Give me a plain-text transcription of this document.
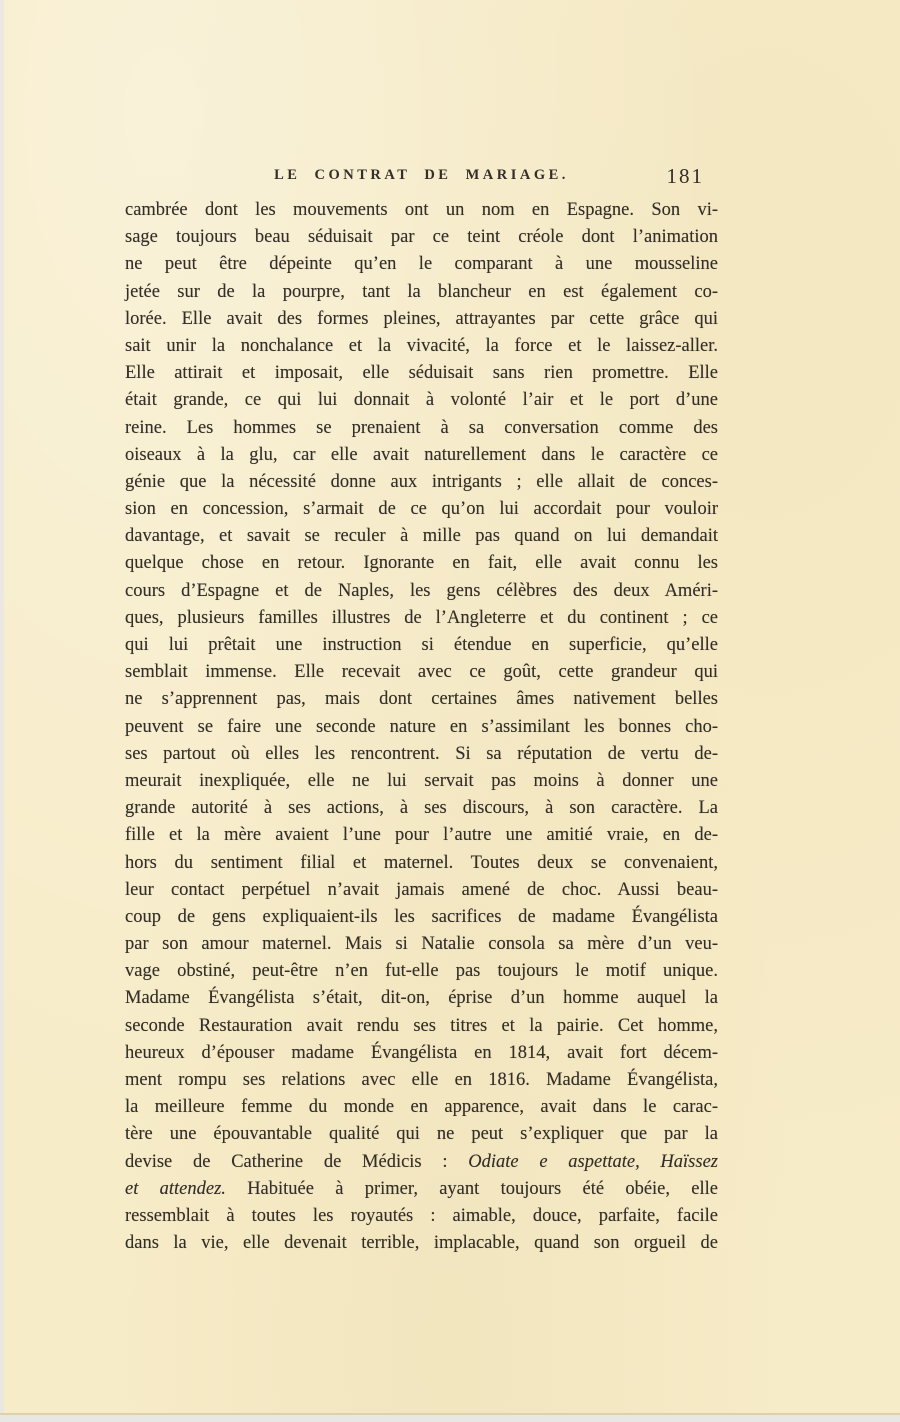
LE CONTRAT DE MARIAGE.	181
cambrée dont les mouvements ont un nom en Espagne. Son vi-
sage toujours beau séduisait par ce teint créole dont l’animation
ne peut être dépeinte qu’en le comparant à une mousseline
jetée sur de la pourpre, tant la blancheur en est également co-
lorée. Elle avait des formes pleines, attrayantes par cette grâce qui
sait unir la nonchalance et la vivacité, la force et le laissez-aller.
Elle attirait et imposait, elle séduisait sans rien promettre. Elle
était grande, ce qui lui donnait à volonté l’air et le port d’une
reine. Les hommes se prenaient à sa conversation comme des
oiseaux à la glu, car elle avait naturellement dans le caractère ce
génie que la nécessité donne aux intrigants ; elle allait de conces-
sion en concession, s’armait de ce qu’on lui accordait pour vouloir
davantage, et savait se reculer à mille pas quand on lui demandait
quelque chose en retour. Ignorante en fait, elle avait connu les
cours d’Espagne et de Naples, les gens célèbres des deux Améri-
ques, plusieurs familles illustres de l’Angleterre et du continent ; ce
qui lui prêtait une instruction si étendue en superficie, qu’elle
semblait immense. Elle recevait avec ce goût, cette grandeur qui
ne s’apprennent pas, mais dont certaines âmes nativement belles
peuvent se faire une seconde nature en s’assimilant les bonnes cho-
ses partout où elles les rencontrent. Si sa réputation de vertu de-
meurait inexpliquée, elle ne lui servait pas moins à donner une
grande autorité à ses actions, à ses discours, à son caractère. La
fille et la mère avaient l’une pour l’autre une amitié vraie, en de-
hors du sentiment filial et maternel. Toutes deux se convenaient,
leur contact perpétuel n’avait jamais amené de choc. Aussi beau-
coup de gens expliquaient-ils les sacrifices de madame Évangélista
par son amour maternel. Mais si Natalie consola sa mère d’un veu-
vage obstiné, peut-être n’en fut-elle pas toujours le motif unique.
Madame Évangélista s’était, dit-on, éprise d’un homme auquel la
seconde Restauration avait rendu ses titres et la pairie. Cet homme,
heureux d’épouser madame Évangélista en 1814, avait fort décem-
ment rompu ses relations avec elle en 1816. Madame Évangélista,
la meilleure femme du monde en apparence, avait dans le carac-
tère une épouvantable qualité qui ne peut s’expliquer que par la
devise de Catherine de Médicis : Odiate e aspettate, Haïssez
et attendez. Habituée à primer, ayant toujours été obéie, elle
ressemblait à toutes les royautés : aimable, douce, parfaite, facile
dans la vie, elle devenait terrible, implacable, quand son orgueil de
